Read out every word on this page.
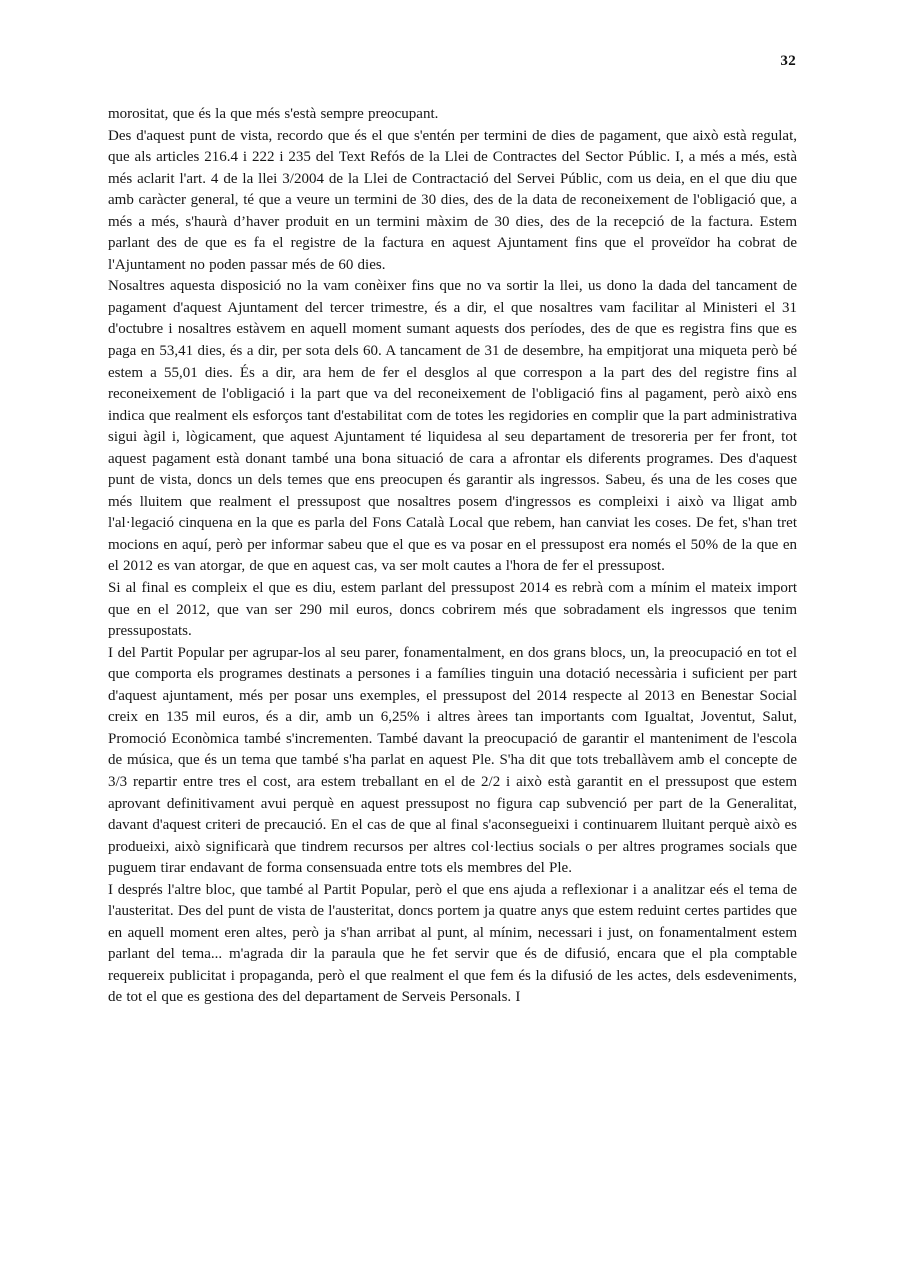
32

morositat, que és la que més s'està sempre preocupant.

Des d'aquest punt de vista, recordo que és el que s'entén per termini de dies de pagament, que això està regulat, que als articles 216.4 i 222 i 235 del Text Refós de la Llei de Contractes del Sector Públic. I, a més a més, està més aclarit l'art. 4 de la llei 3/2004 de la Llei de Contractació del Servei Públic, com us deia, en el que diu que amb caràcter general, té que a veure un termini de 30 dies, des de la data de reconeixement de l'obligació que, a més a més, s'haurà d’haver produit en un termini màxim de 30 dies, des de la recepció de la factura. Estem parlant des de que es fa el registre de la factura en aquest Ajuntament fins que el proveïdor ha cobrat de l'Ajuntament no poden passar més de 60 dies.

Nosaltres aquesta disposició no la vam conèixer fins que no va sortir la llei, us dono la dada del tancament de pagament d'aquest Ajuntament del tercer trimestre, és a dir, el que nosaltres vam facilitar al Ministeri el 31 d'octubre i nosaltres estàvem en aquell moment sumant aquests dos períodes, des de que es registra fins que es paga en 53,41 dies, és a dir, per sota dels 60. A tancament de 31 de desembre, ha empitjorat una miqueta però bé estem a 55,01 dies. És a dir, ara hem de fer el desglos al que correspon a la part des del registre fins al reconeixement de l'obligació i la part que va del reconeixement de l'obligació fins al pagament, però això ens indica que realment els esforços tant d'estabilitat com de totes les regidories en complir que la part administrativa sigui àgil i, lògicament, que aquest Ajuntament té liquidesa al seu departament de tresoreria per fer front, tot aquest pagament està donant també una bona situació de cara a afrontar els diferents programes. Des d'aquest punt de vista, doncs un dels temes que ens preocupen és garantir als ingressos. Sabeu, és una de les coses que més lluitem que realment el pressupost que nosaltres posem d'ingressos es compleixi i això va lligat amb l'al·legació cinquena en la que es parla del Fons Català Local que rebem, han canviat les coses. De fet, s'han tret mocions en aquí, però per informar sabeu que el que es va posar en el pressupost era només el 50% de la que en el 2012 es van atorgar, de que en aquest cas, va ser molt cautes a l'hora de fer el pressupost.

Si al final es compleix el que es diu, estem parlant del pressupost 2014 es rebrà com a mínim el mateix import que en el 2012, que van ser 290 mil euros, doncs cobrirem més que sobradament els ingressos que tenim pressupostats.

I del Partit Popular per agrupar-los al seu parer, fonamentalment, en dos grans blocs, un, la preocupació en tot el que comporta els programes destinats a persones i a famílies tinguin una dotació necessària i suficient per part d'aquest ajuntament, més per posar uns exemples, el pressupost del 2014 respecte al 2013 en Benestar Social creix en 135 mil euros, és a dir, amb un 6,25% i altres àrees tan importants com Igualtat, Joventut, Salut, Promoció Econòmica també s'incrementen. També davant la preocupació de garantir el manteniment de l'escola de música, que és un tema que també s'ha parlat en aquest Ple. S'ha dit que tots treballàvem amb el concepte de 3/3 repartir entre tres el cost, ara estem treballant en el de 2/2 i això està garantit en el pressupost que estem aprovant definitivament avui perquè en aquest pressupost no figura cap subvenció per part de la Generalitat, davant d'aquest criteri de precaució. En el cas de que al final s'aconsegueixi i continuarem lluitant perquè això es produeixi, això significarà que tindrem recursos per altres col·lectius socials o per altres programes socials que puguem tirar endavant de forma consensuada entre tots els membres del Ple.

I després l'altre bloc, que també al Partit Popular, però el que ens ajuda a reflexionar i a analitzar eés el tema de l'austeritat. Des del punt de vista de l'austeritat, doncs portem ja quatre anys que estem reduint certes partides que en aquell moment eren altes, però ja s'han arribat al punt, al mínim, necessari i just, on fonamentalment estem parlant del tema... m'agrada dir la paraula que he fet servir que és de difusió, encara que el pla comptable requereix publicitat i propaganda, però el que realment el que fem és la difusió de les actes, dels esdeveniments, de tot el que es gestiona des del departament de Serveis Personals. I
